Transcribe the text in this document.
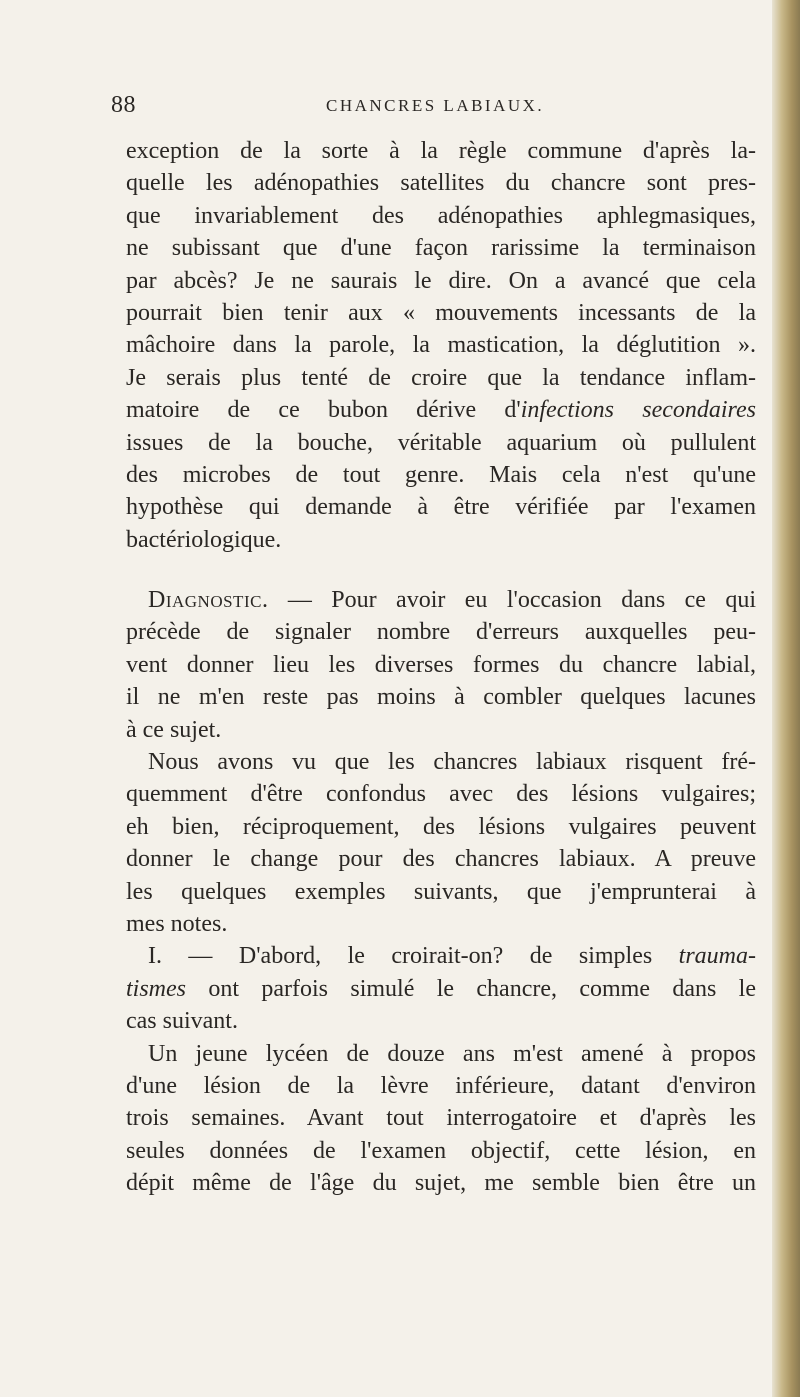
88	CHANCRES LABIAUX.
exception de la sorte à la règle commune d'après la-
quelle les adénopathies satellites du chancre sont pres-
que invariablement des adénopathies aphlegmasiques,
ne subissant que d'une façon rarissime la terminaison
par abcès? Je ne saurais le dire. On a avancé que cela
pourrait bien tenir aux « mouvements incessants de la
mâchoire dans la parole, la mastication, la déglutition ».
Je serais plus tenté de croire que la tendance inflam-
matoire de ce bubon dérive d'infections secondaires
issues de la bouche, véritable aquarium où pullulent
des microbes de tout genre. Mais cela n'est qu'une
hypothèse qui demande à être vérifiée par l'examen
bactériologique.
Diagnostic. — Pour avoir eu l'occasion dans ce qui
précède de signaler nombre d'erreurs auxquelles peu-
vent donner lieu les diverses formes du chancre labial,
il ne m'en reste pas moins à combler quelques lacunes
à ce sujet.
Nous avons vu que les chancres labiaux risquent fré-
quemment d'être confondus avec des lésions vulgaires;
eh bien, réciproquement, des lésions vulgaires peuvent
donner le change pour des chancres labiaux. A preuve
les quelques exemples suivants, que j'emprunterai à
mes notes.
I. — D'abord, le croirait-on? de simples trauma-
tismes ont parfois simulé le chancre, comme dans le
cas suivant.
Un jeune lycéen de douze ans m'est amené à propos
d'une lésion de la lèvre inférieure, datant d'environ
trois semaines. Avant tout interrogatoire et d'après les
seules données de l'examen objectif, cette lésion, en
dépit même de l'âge du sujet, me semble bien être un
